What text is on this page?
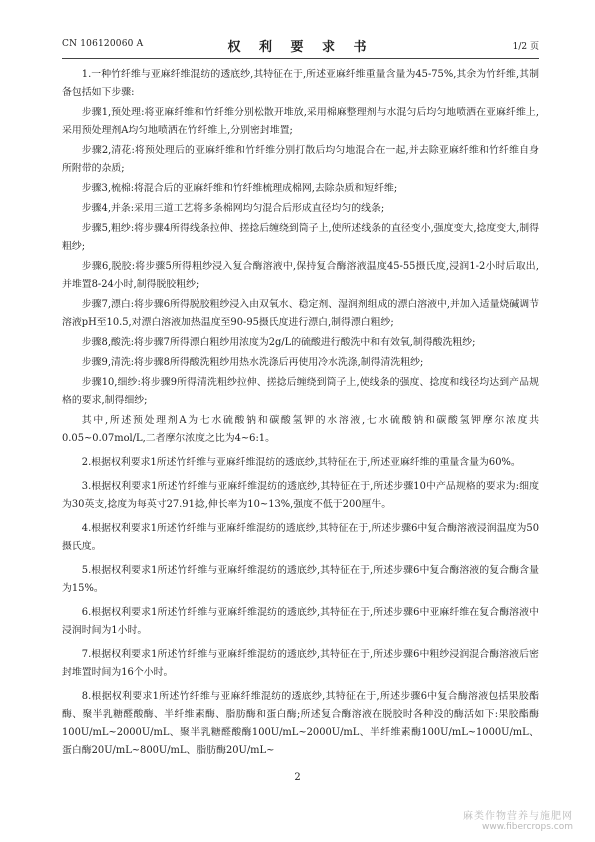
CN 106120060 A	权 利 要 求 书	1/2 页

1.一种竹纤维与亚麻纤维混纺的透底纱,其特征在于,所述亚麻纤维重量含量为45-75%,其余为竹纤维,其制备包括如下步骤:

步骤1,预处理:将亚麻纤维和竹纤维分别松散开堆放,采用棉麻整理剂与水混匀后均匀地喷洒在亚麻纤维上,采用预处理剂A均匀地喷洒在竹纤维上,分别密封堆置;

步骤2,清花:将预处理后的亚麻纤维和竹纤维分别打散后均匀地混合在一起,并去除亚麻纤维和竹纤维自身所附带的杂质;

步骤3,梳棉:将混合后的亚麻纤维和竹纤维梳理成棉网,去除杂质和短纤维;

步骤4,并条:采用三道工艺将多条棉网均匀混合后形成直径均匀的线条;

步骤5,粗纱:将步骤4所得线条拉伸、搓捻后缠绕到筒子上,使所述线条的直径变小,强度变大,捻度变大,制得粗纱;

步骤6,脱胶:将步骤5所得粗纱浸入复合酶溶液中,保持复合酶溶液温度45-55摄氏度,浸润1-2小时后取出,并堆置8-24小时,制得脱胶粗纱;

步骤7,漂白:将步骤6所得脱胶粗纱浸入由双氧水、稳定剂、湿润剂组成的漂白溶液中,并加入适量烧碱调节溶液pH至10.5,对漂白溶液加热温度至90-95摄氏度进行漂白,制得漂白粗纱;

步骤8,酸洗:将步骤7所得漂白粗纱用浓度为2g/L的硫酸进行酸洗中和有效氧,制得酸洗粗纱;

步骤9,清洗:将步骤8所得酸洗粗纱用热水洗涤后再使用冷水洗涤,制得清洗粗纱;

步骤10,细纱:将步骤9所得清洗粗纱拉伸、搓捻后缠绕到筒子上,使线条的强度、捻度和线径均达到产品规格的要求,制得细纱;

其中,所述预处理剂A为七水硫酸钠和碳酸氢钾的水溶液,七水硫酸钠和碳酸氢钾摩尔浓度共0.05~0.07mol/L,二者摩尔浓度之比为4~6:1。

2.根据权利要求1所述竹纤维与亚麻纤维混纺的透底纱,其特征在于,所述亚麻纤维的重量含量为60%。

3.根据权利要求1所述竹纤维与亚麻纤维混纺的透底纱,其特征在于,所述步骤10中产品规格的要求为:细度为30英支,捻度为每英寸27.91捻,伸长率为10~13%,强度不低于200厘牛。

4.根据权利要求1所述竹纤维与亚麻纤维混纺的透底纱,其特征在于,所述步骤6中复合酶溶液浸润温度为50摄氏度。

5.根据权利要求1所述竹纤维与亚麻纤维混纺的透底纱,其特征在于,所述步骤6中复合酶溶液的复合酶含量为15%。

6.根据权利要求1所述竹纤维与亚麻纤维混纺的透底纱,其特征在于,所述步骤6中亚麻纤维在复合酶溶液中浸润时间为1小时。

7.根据权利要求1所述竹纤维与亚麻纤维混纺的透底纱,其特征在于,所述步骤6中粗纱浸润混合酶溶液后密封堆置时间为16个小时。

8.根据权利要求1所述竹纤维与亚麻纤维混纺的透底纱,其特征在于,所述步骤6中复合酶溶液包括果胶酯酶、聚半乳糖醛酸酶、半纤维素酶、脂肪酶和蛋白酶;所述复合酶溶液在脱胶时各种没的酶活如下:果胶酯酶100U/mL~2000U/mL、聚半乳糖醛酸酶100U/mL~2000U/mL、半纤维素酶100U/mL~1000U/mL、蛋白酶20U/mL~800U/mL、脂肪酶20U/mL~

2
麻类作物营养与施肥网
www.fibercrops.com
